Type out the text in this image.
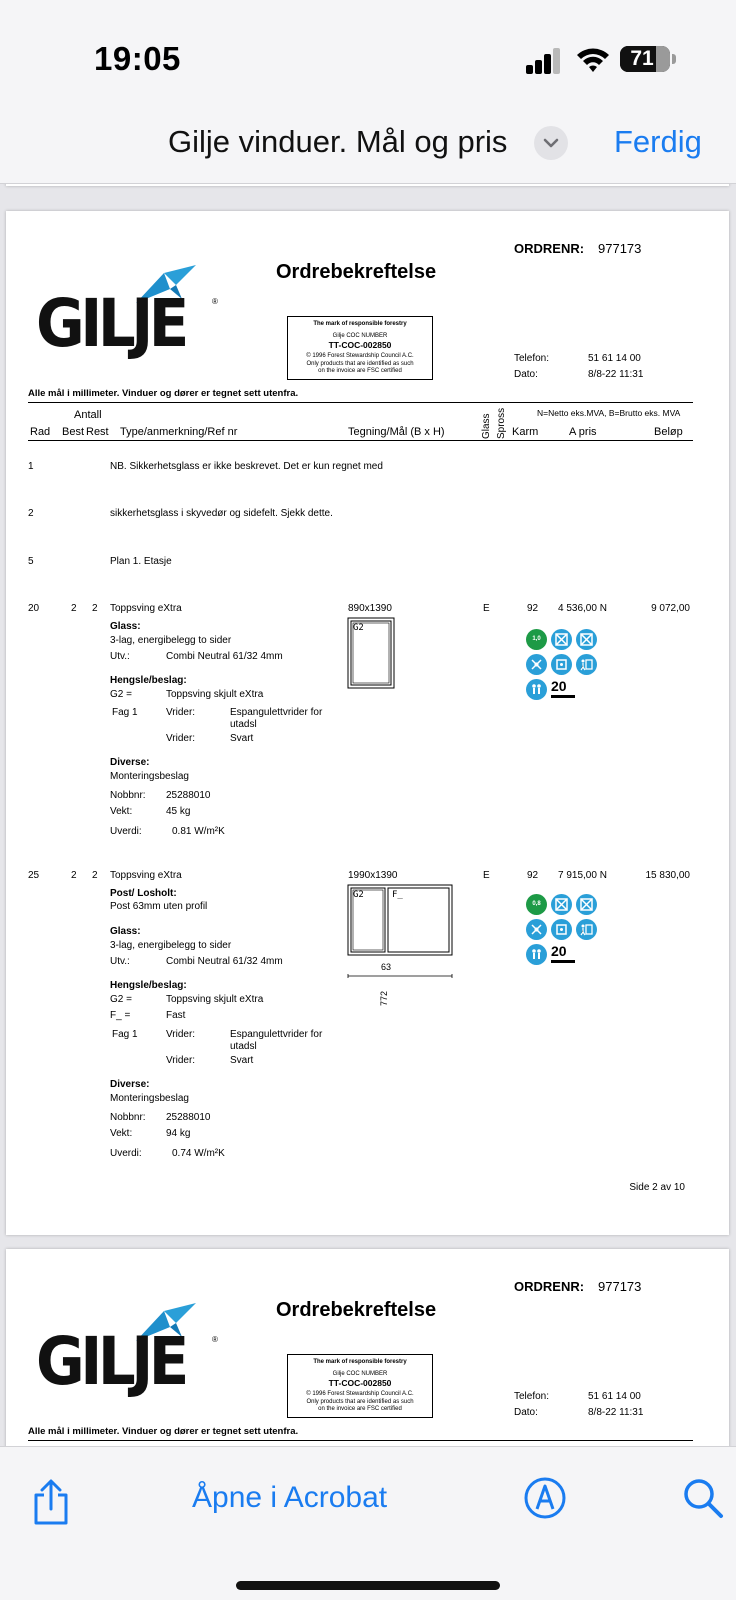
19:05	71
Gilje vinduer. Mål og pris	Ferdig
GILJE	®
Ordrebekreftelse
ORDRENR: 977173
The mark of responsible forestry
Gilje COC NUMBER
TT-COC-002850
© 1996 Forest Stewardship Council A.C.
Only products that are identified as such
on the invoice are FSC certified
Telefon:	51 61 14 00
Dato:	8/8-22 11:31
Alle mål i millimeter. Vinduer og dører er tegnet sett utenfra.
Antall
Rad Best Rest Type/anmerkning/Ref nr	Tegning/Mål (B x H)	Glass Spross	N=Netto eks.MVA, B=Brutto eks. MVA
Karm	A pris	Beløp
1	NB. Sikkerhetsglass er ikke beskrevet. Det er kun regnet med
2	sikkerhetsglass i skyvedør og sidefelt. Sjekk dette.
5	Plan 1. Etasje
20	2 2 Toppsving eXtra	890x1390	E	92 4 536,00 N	9 072,00
Glass:
3-lag, energibelegg to sider
Utv.:	Combi Neutral 61/32 4mm
Hengsle/beslag:
G2 =	Toppsving skjult eXtra
Fag 1	Vrider:	Espangulettvrider for
utadsl
Vrider:	Svart
Diverse:
Monteringsbeslag
Nobbnr: 25288010
Vekt:	45 kg
Uverdi:	0.81 W/m²K
G2
1,0
20
25	2 2 Toppsving eXtra	1990x1390	E	92 7 915,00 N	15 830,00
Post/ Losholt:
Post 63mm uten profil
Glass:
3-lag, energibelegg to sider
Utv.:	Combi Neutral 61/32 4mm
Hengsle/beslag:
G2 =	Toppsving skjult eXtra
F_ =	Fast
Fag 1	Vrider:	Espangulettvrider for
utadsl
Vrider:	Svart
Diverse:
Monteringsbeslag
Nobbnr: 25288010
Vekt:	94 kg
Uverdi:	0.74 W/m²K
G2	F_
63
772
0,8
20
Side 2 av 10
GILJE	®
Ordrebekreftelse
ORDRENR: 977173
The mark of responsible forestry
Gilje COC NUMBER
TT-COC-002850
© 1996 Forest Stewardship Council A.C.
Only products that are identified as such
on the invoice are FSC certified
Telefon:	51 61 14 00
Dato:	8/8-22 11:31
Alle mål i millimeter. Vinduer og dører er tegnet sett utenfra.
Åpne i Acrobat
